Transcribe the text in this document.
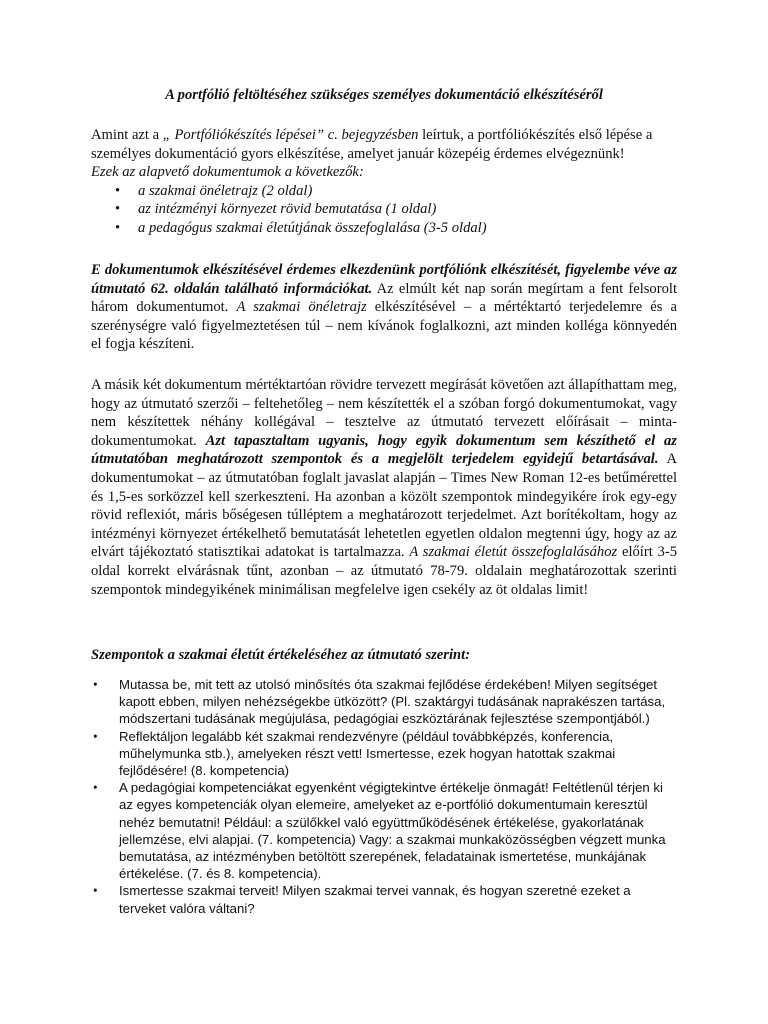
A portfólió feltöltéséhez szükséges személyes dokumentáció elkészítéséről

Amint azt a „ Portfóliókészítés lépései” c. bejegyzésben leírtuk, a portfóliókészítés első lépése a személyes dokumentáció gyors elkészítése, amelyet január közepéig érdemes elvégeznünk!

Ezek az alapvető dokumentumok a következők:

• a szakmai önéletrajz (2 oldal)
• az intézményi környezet rövid bemutatása (1 oldal)
• a pedagógus szakmai életútjának összefoglalása (3-5 oldal)

E dokumentumok elkészítésével érdemes elkezdenünk portfóliónk elkészítését, figyelembe véve az útmutató 62. oldalán található információkat. Az elmúlt két nap során megírtam a fent felsorolt három dokumentumot. A szakmai önéletrajz elkészítésével – a mértéktartó terjedelemre és a szerénységre való figyelmeztetésen túl – nem kívánok foglalkozni, azt minden kolléga könnyedén el fogja készíteni.

A másik két dokumentum mértéktartóan rövidre tervezett megírását követően azt állapíthattam meg, hogy az útmutató szerzői – feltehetőleg – nem készítették el a szóban forgó dokumentumokat, vagy nem készítettek néhány kollégával – tesztelve az útmutató tervezett előírásait – minta-dokumentumokat. Azt tapasztaltam ugyanis, hogy egyik dokumentum sem készíthető el az útmutatóban meghatározott szempontok és a megjelölt terjedelem egyidejű betartásával. A dokumentumokat – az útmutatóban foglalt javaslat alapján – Times New Roman 12-es betűmérettel és 1,5-es sorközzel kell szerkeszteni. Ha azonban a közölt szempontok mindegyikére írok egy-egy rövid reflexiót, máris bőségesen túlléptem a meghatározott terjedelmet. Azt borítékoltam, hogy az intézményi környezet értékelhető bemutatását lehetetlen egyetlen oldalon megtenni úgy, hogy az az elvárt tájékoztató statisztikai adatokat is tartalmazza. A szakmai életút összefoglalásához előírt 3-5 oldal korrekt elvárásnak tűnt, azonban – az útmutató 78-79. oldalain meghatározottak szerinti szempontok mindegyikének minimálisan megfelelve igen csekély az öt oldalas limit!

Szempontok a szakmai életút értékeléséhez az útmutató szerint:

• Mutassa be, mit tett az utolsó minősítés óta szakmai fejlődése érdekében! Milyen segítséget kapott ebben, milyen nehézségekbe ütközött? (Pl. szaktárgyi tudásának naprakészen tartása, módszertani tudásának megújulása, pedagógiai eszköztárának fejlesztése szempontjából.)
• Reflektáljon legalább két szakmai rendezvényre (például továbbképzés, konferencia, műhelymunka stb.), amelyeken részt vett! Ismertesse, ezek hogyan hatottak szakmai fejlődésére! (8. kompetencia)
• A pedagógiai kompetenciákat egyenként végigtekintve értékelje önmagát! Feltétlenül térjen ki az egyes kompetenciák olyan elemeire, amelyeket az e-portfólió dokumentumain keresztül nehéz bemutatni! Például: a szülőkkel való együttműködésének értékelése, gyakorlatának jellemzése, elvi alapjai. (7. kompetencia) Vagy: a szakmai munkaközösségben végzett munka bemutatása, az intézményben betöltött szerepének, feladatainak ismertetése, munkájának értékelése. (7. és 8. kompetencia).
• Ismertesse szakmai terveit! Milyen szakmai tervei vannak, és hogyan szeretné ezeket a terveket valóra váltani?
